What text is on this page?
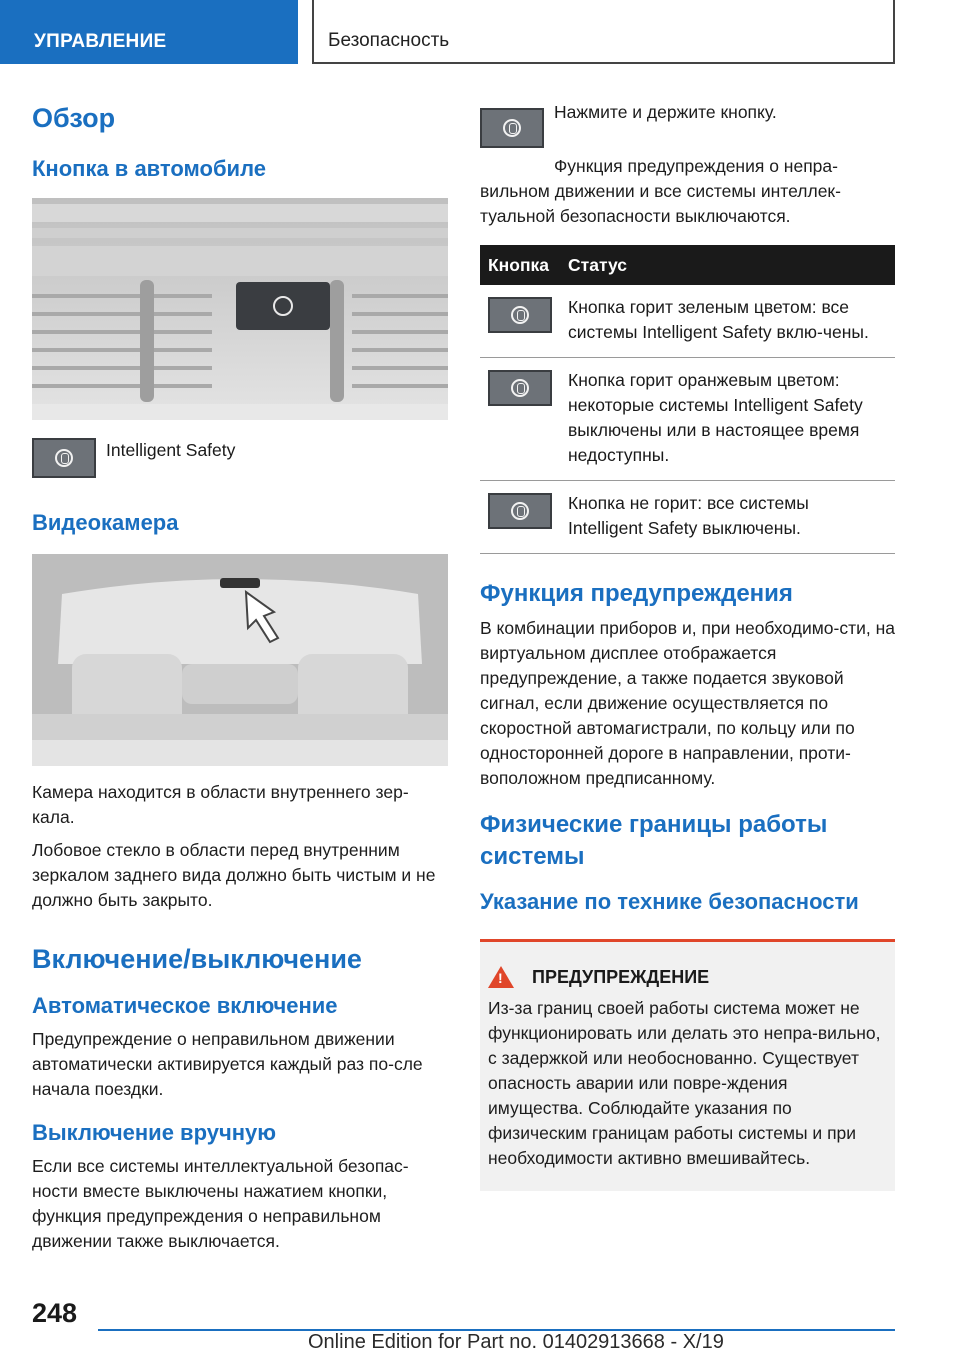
УПРАВЛЕНИЕ	Безопасность
Обзор
Кнопка в автомобиле
Intelligent Safety
Видеокамера

Камера находится в области внутреннего зер-кала.

Лобовое стекло в области перед внутренним зеркалом заднего вида должно быть чистым и не должно быть закрыто.

Включение/выключение
Автоматическое включение

Предупреждение о неправильном движении автоматически активируется каждый раз по-сле начала поездки.

Выключение вручную

Если все системы интеллектуальной безопас-ности вместе выключены нажатием кнопки, функция предупреждения о неправильном движении также выключается.

Нажмите и держите кнопку.

Функция предупреждения о непра-вильном движении и все системы интеллек-туальной безопасности выключаются.

Кнопка	Статус

	Кнопка горит зеленым цветом: все системы Intelligent Safety вклю-чены.

	Кнопка горит оранжевым цветом: некоторые системы Intelligent Safety выключены или в настоящее время недоступны.

	Кнопка не горит: все системы Intelligent Safety выключены.
Функция предупреждения

В комбинации приборов и, при необходимо-сти, на виртуальном дисплее отображается предупреждение, а также подается звуковой сигнал, если движение осуществляется по скоростной автомагистрали, по кольцу или по односторонней дороге в направлении, проти-воположном предписанному.

Физические границы работы системы
Указание по технике безопасности
!
ПРЕДУПРЕЖДЕНИЕ

Из-за границ своей работы система может не функционировать или делать это непра-вильно, с задержкой или необоснованно. Существует опасность аварии или повре-ждения имущества. Соблюдайте указания по физическим границам работы системы и при необходимости активно вмешивайтесь.

248
Online Edition for Part no. 01402913668 - X/19
